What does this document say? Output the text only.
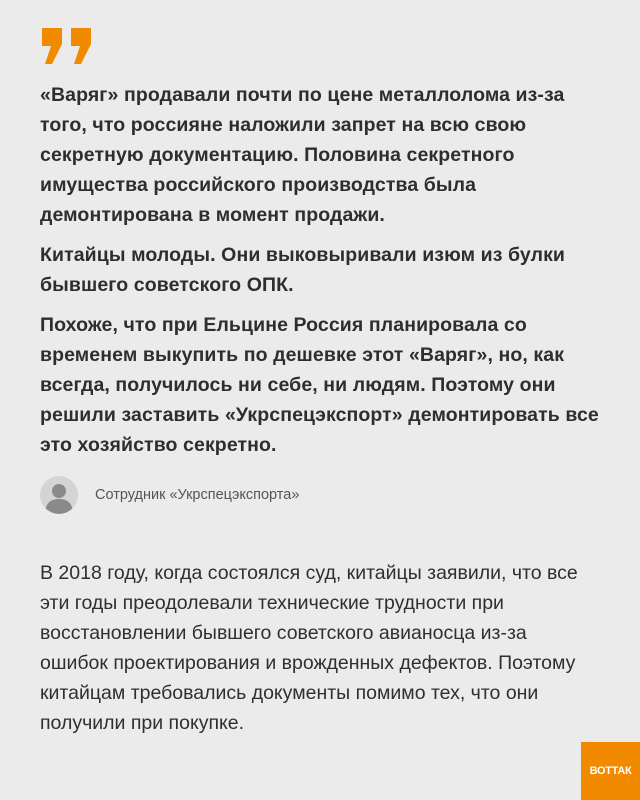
«Варяг» продавали почти по цене металлолома из-за того, что россияне наложили запрет на всю свою секретную документацию. Половина секретного имущества российского производства была демонтирована в момент продажи.

Китайцы молоды. Они выковыривали изюм из булки бывшего советского ОПК.

Похоже, что при Ельцине Россия планировала со временем выкупить по дешевке этот «Варяг», но, как всегда, получилось ни себе, ни людям. Поэтому они решили заставить «Укрспецэкспорт» демонтировать все это хозяйство секретно.

Сотрудник «Укрспецэкспорта»

В 2018 году, когда состоялся суд, китайцы заявили, что все эти годы преодолевали технические трудности при восстановлении бывшего советского авианосца из-за ошибок проектирования и врожденных дефектов. Поэтому китайцам требовались документы помимо тех, что они получили при покупке.

ВОТТАК
